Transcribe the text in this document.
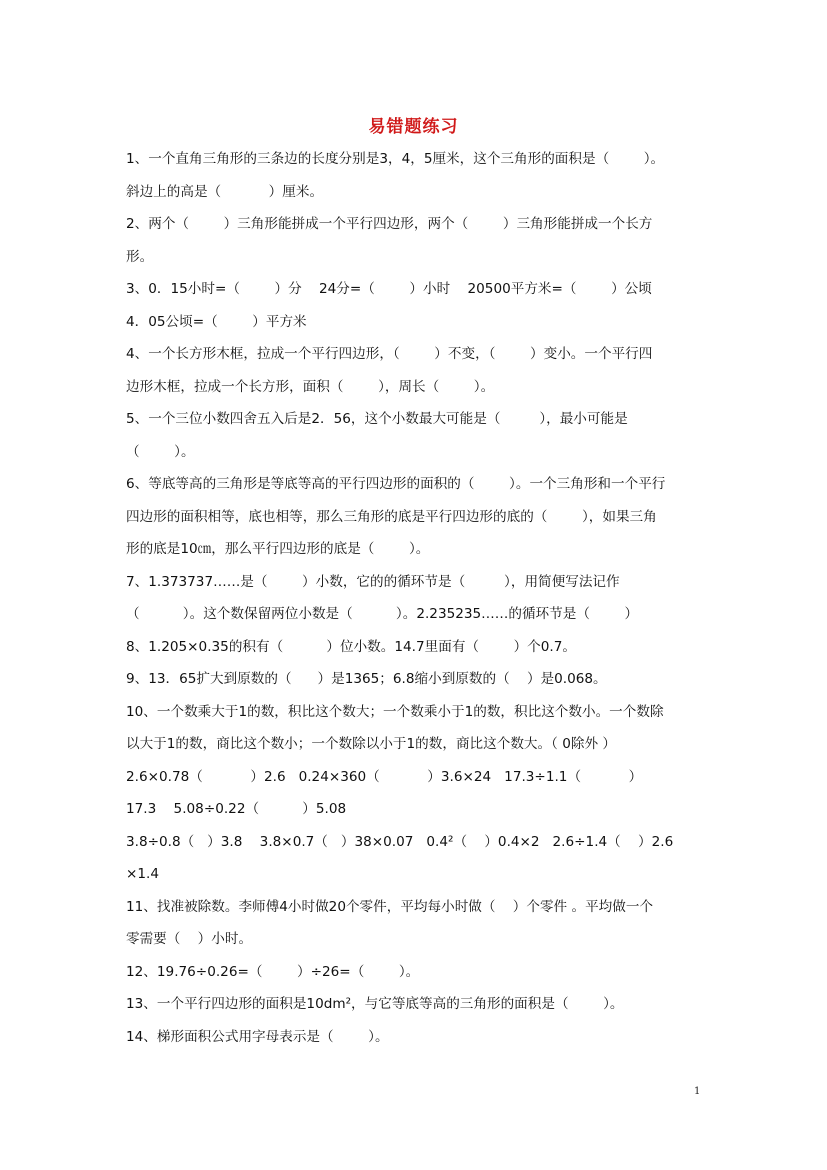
易错题练习
1、一个直角三角形的三条边的长度分别是3，4，5厘米，这个三角形的面积是（        ）。
斜边上的高是（           ）厘米。
2、两个（        ）三角形能拼成一个平行四边形，两个（        ）三角形能拼成一个长方
形。
3、0．15小时=（        ）分    24分=（        ）小时    20500平方米=（        ）公顷
4．05公顷=（        ）平方米
4、一个长方形木框，拉成一个平行四边形，（        ）不变，（        ）变小。一个平行四
边形木框，拉成一个长方形，面积（        ），周长（        ）。
5、一个三位小数四舍五入后是2．56，这个小数最大可能是（         ），最小可能是
（        ）。
6、等底等高的三角形是等底等高的平行四边形的面积的（        ）。一个三角形和一个平行
四边形的面积相等，底也相等，那么三角形的底是平行四边形的底的（        ），如果三角
形的底是10㎝，那么平行四边形的底是（        ）。
7、1.373737……是（        ）小数，它的的循环节是（         ），用简便写法记作
（          ）。这个数保留两位小数是（          ）。2.235235……的循环节是（        ）
8、1.205×0.35的积有（          ）位小数。14.7里面有（        ）个0.7。
9、13．65扩大到原数的（      ）是1365；6.8缩小到原数的（    ）是0.068。
10、一个数乘大于1的数，积比这个数大；一个数乘小于1的数，积比这个数小。一个数除
以大于1的数，商比这个数小；一个数除以小于1的数，商比这个数大。（ 0除外 ）
2.6×0.78（           ）2.6   0.24×360（           ）3.6×24   17.3÷1.1（           ）
17.3    5.08÷0.22（          ）5.08
3.8÷0.8（   ）3.8    3.8×0.7（   ）38×0.07   0.4²（    ）0.4×2   2.6÷1.4（    ）2.6
×1.4
11、找准被除数。李师傅4小时做20个零件，平均每小时做（    ）个零件 。平均做一个
零需要（    ）小时。
12、19.76÷0.26=（        ）÷26=（        ）。
13、一个平行四边形的面积是10dm²，与它等底等高的三角形的面积是（        ）。
14、梯形面积公式用字母表示是（        ）。
1
